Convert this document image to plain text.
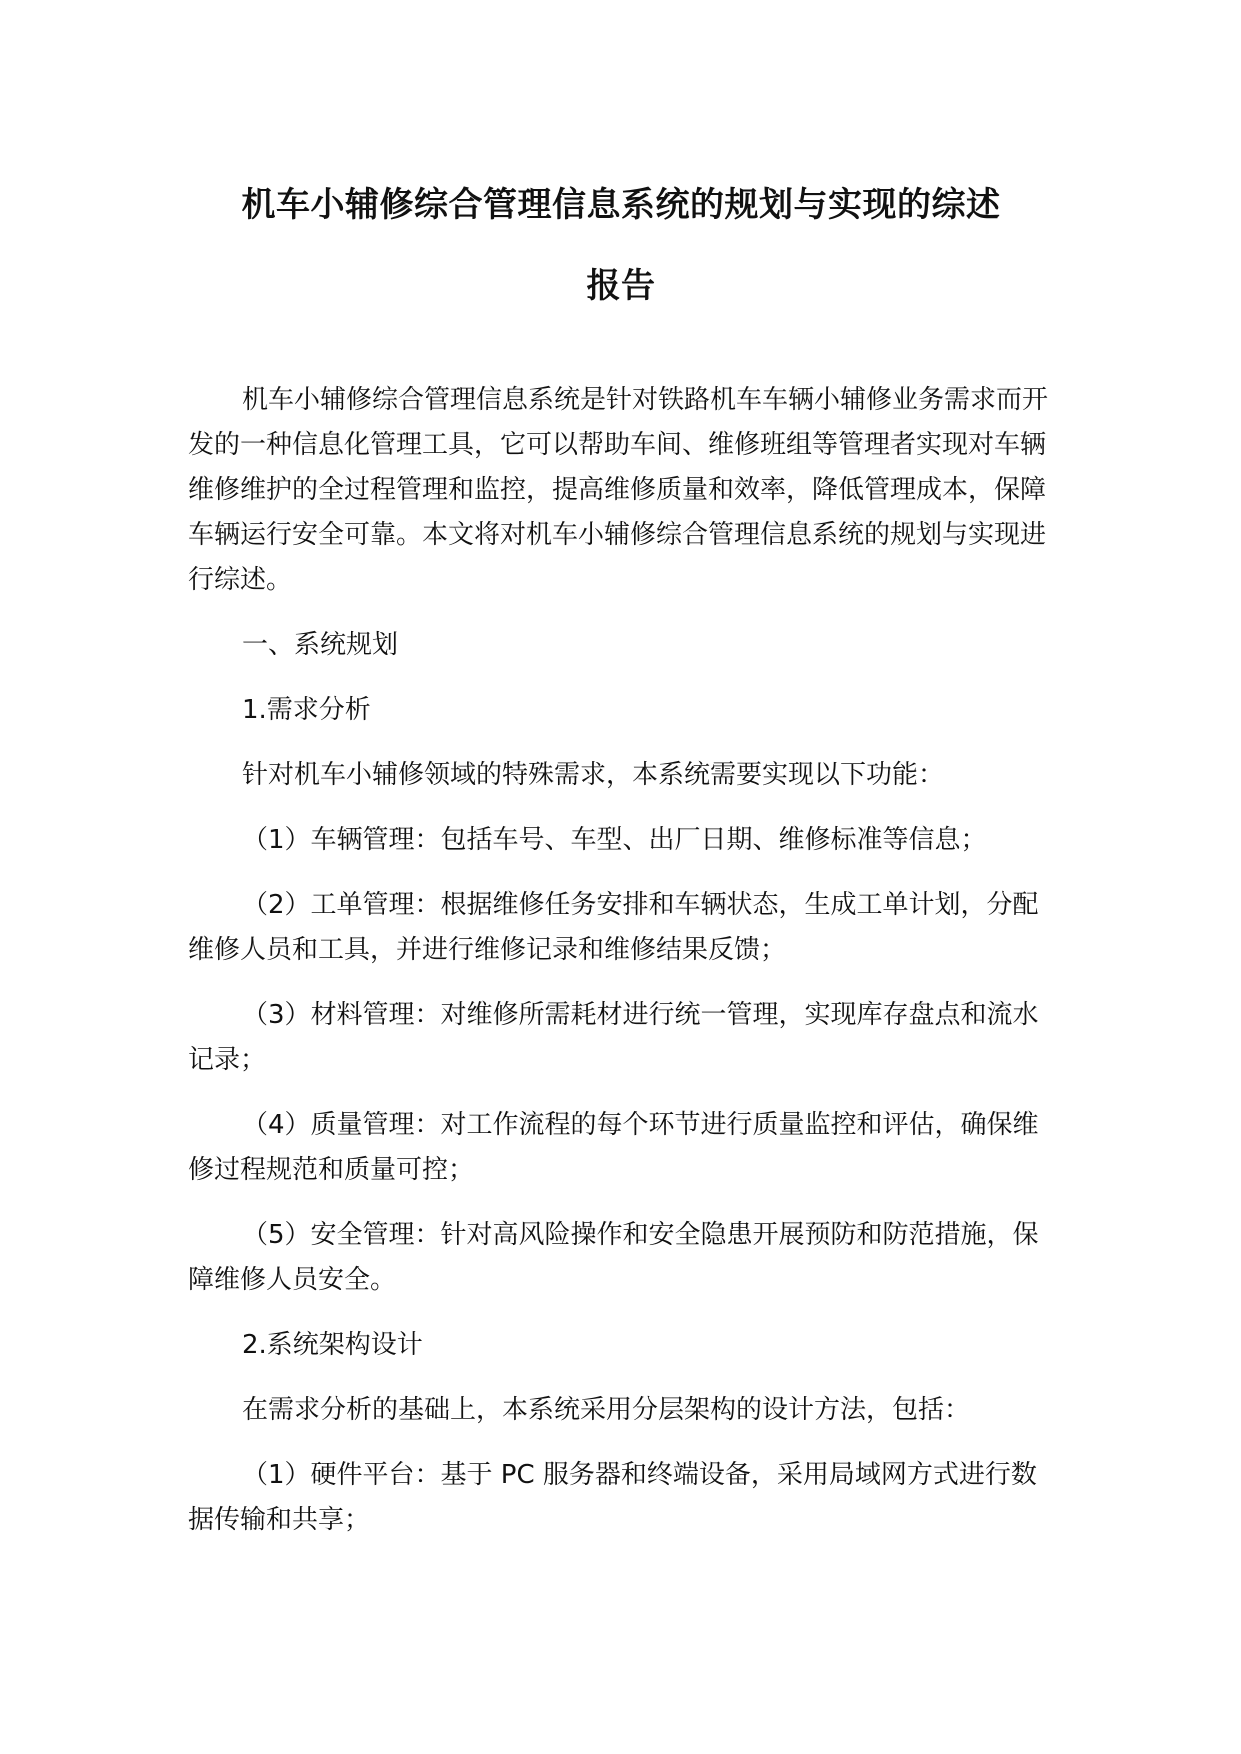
机车小辅修综合管理信息系统的规划与实现的综述
报告

机车小辅修综合管理信息系统是针对铁路机车车辆小辅修业务需求而开发的一种信息化管理工具，它可以帮助车间、维修班组等管理者实现对车辆维修维护的全过程管理和监控，提高维修质量和效率，降低管理成本，保障车辆运行安全可靠。本文将对机车小辅修综合管理信息系统的规划与实现进行综述。

一、系统规划

1.需求分析

针对机车小辅修领域的特殊需求，本系统需要实现以下功能：

（1）车辆管理：包括车号、车型、出厂日期、维修标准等信息；

（2）工单管理：根据维修任务安排和车辆状态，生成工单计划，分配维修人员和工具，并进行维修记录和维修结果反馈；

（3）材料管理：对维修所需耗材进行统一管理，实现库存盘点和流水记录；

（4）质量管理：对工作流程的每个环节进行质量监控和评估，确保维修过程规范和质量可控；

（5）安全管理：针对高风险操作和安全隐患开展预防和防范措施，保障维修人员安全。

2.系统架构设计

在需求分析的基础上，本系统采用分层架构的设计方法，包括：

（1）硬件平台：基于 PC 服务器和终端设备，采用局域网方式进行数据传输和共享；
